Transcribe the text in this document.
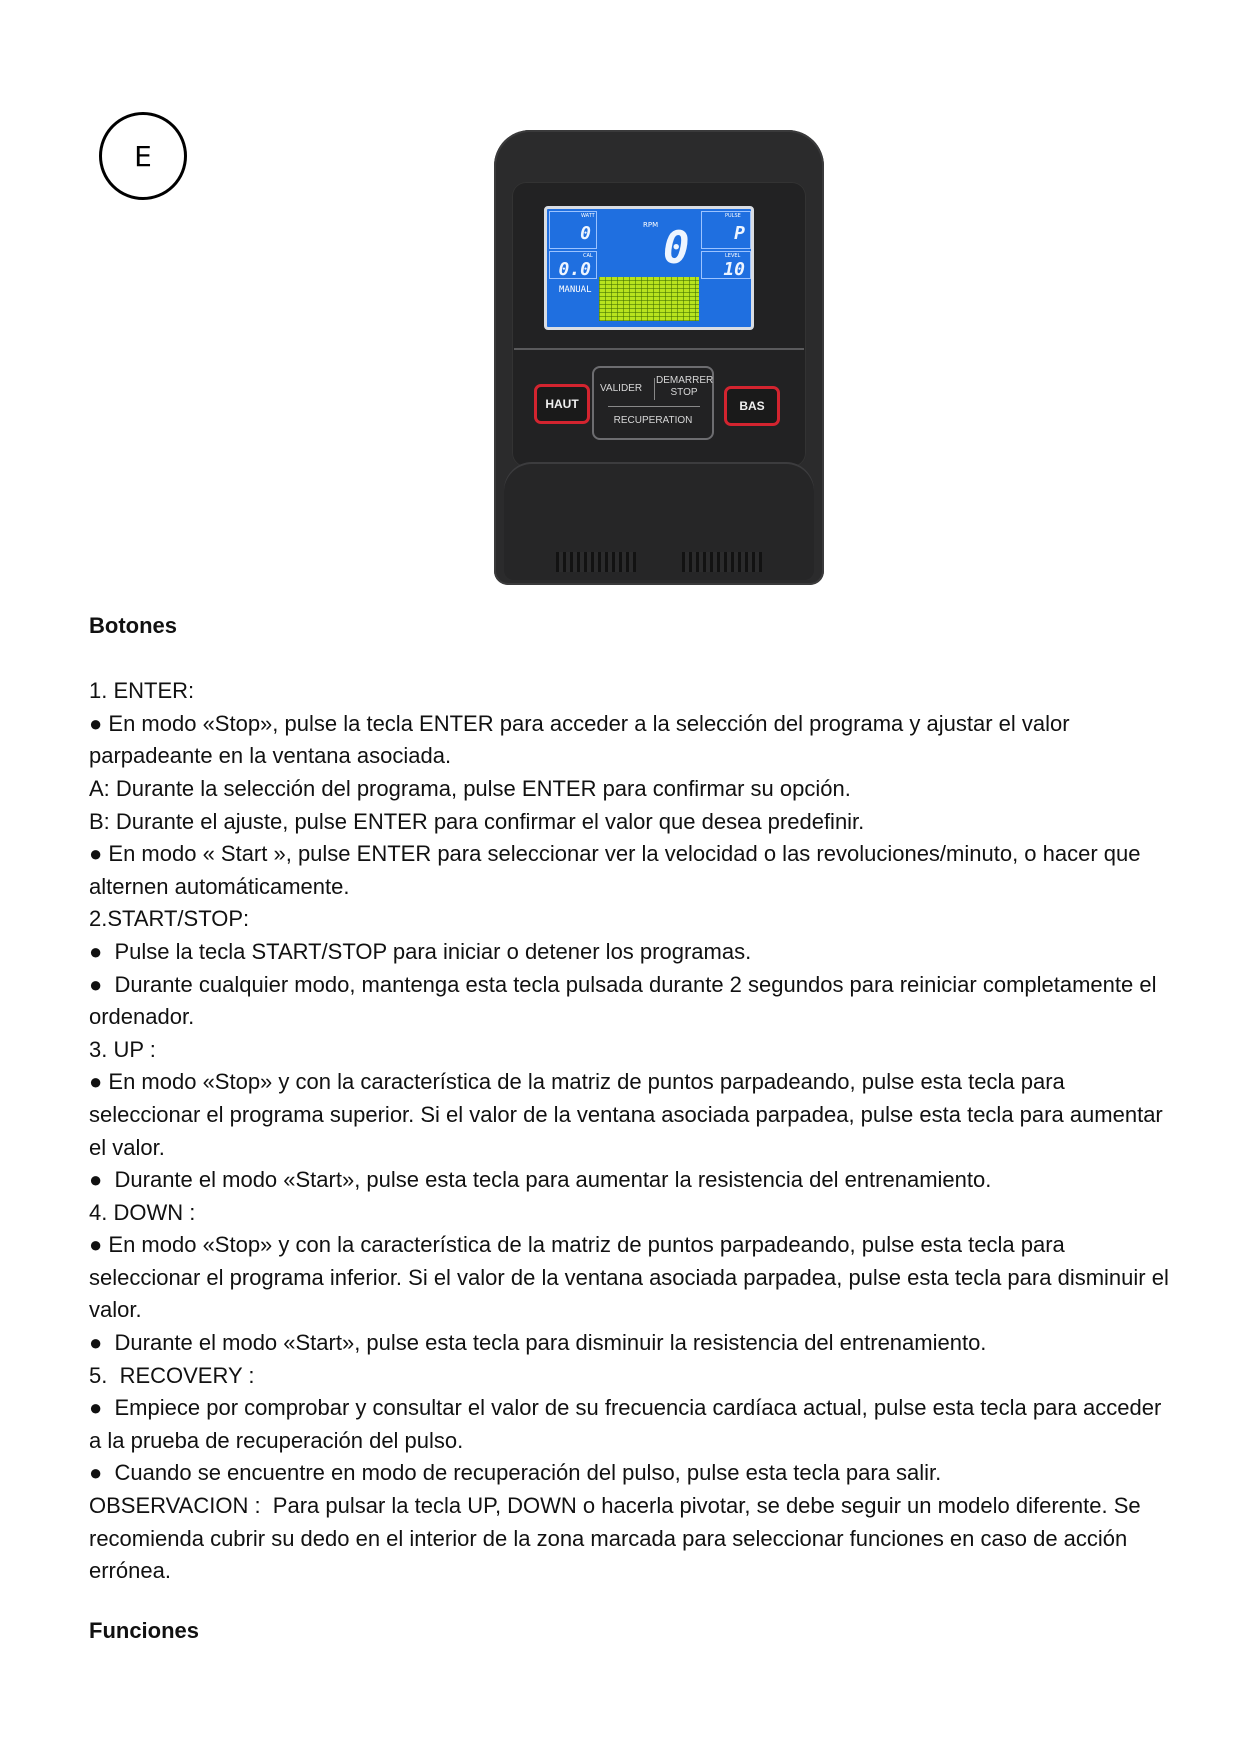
E
WATT
0
CAL
0.0
MANUAL
RPM 0
PULSE
P
LEVEL
10
HAUT	BAS
VALIDER
DEMARRER
STOP
RECUPERATION

Botones

1. ENTER:

● En modo «Stop», pulse la tecla ENTER para acceder a la selección del programa y ajustar el valor parpadeante en la ventana asociada.

A: Durante la selección del programa, pulse ENTER para confirmar su opción.

B: Durante el ajuste, pulse ENTER para confirmar el valor que desea predefinir.

● En modo « Start », pulse ENTER para seleccionar ver la velocidad o las revoluciones/minuto, o hacer que alternen automáticamente.

2.START/STOP:

●  Pulse la tecla START/STOP para iniciar o detener los programas.

●  Durante cualquier modo, mantenga esta tecla pulsada durante 2 segundos para reiniciar completamente el ordenador.

3. UP :

● En modo «Stop» y con la característica de la matriz de puntos parpadeando, pulse esta tecla para seleccionar el programa superior. Si el valor de la ventana asociada parpadea, pulse esta tecla para aumentar el valor.

●  Durante el modo «Start», pulse esta tecla para aumentar la resistencia del entrenamiento.

4. DOWN :

● En modo «Stop» y con la característica de la matriz de puntos parpadeando, pulse esta tecla para seleccionar el programa inferior. Si el valor de la ventana asociada parpadea, pulse esta tecla para disminuir el valor.

●  Durante el modo «Start», pulse esta tecla para disminuir la resistencia del entrenamiento.

5.  RECOVERY :

●  Empiece por comprobar y consultar el valor de su frecuencia cardíaca actual, pulse esta tecla para acceder a la prueba de recuperación del pulso.

●  Cuando se encuentre en modo de recuperación del pulso, pulse esta tecla para salir.

OBSERVACION :  Para pulsar la tecla UP, DOWN o hacerla pivotar, se debe seguir un modelo diferente. Se recomienda cubrir su dedo en el interior de la zona marcada para seleccionar funciones en caso de acción errónea.

Funciones
